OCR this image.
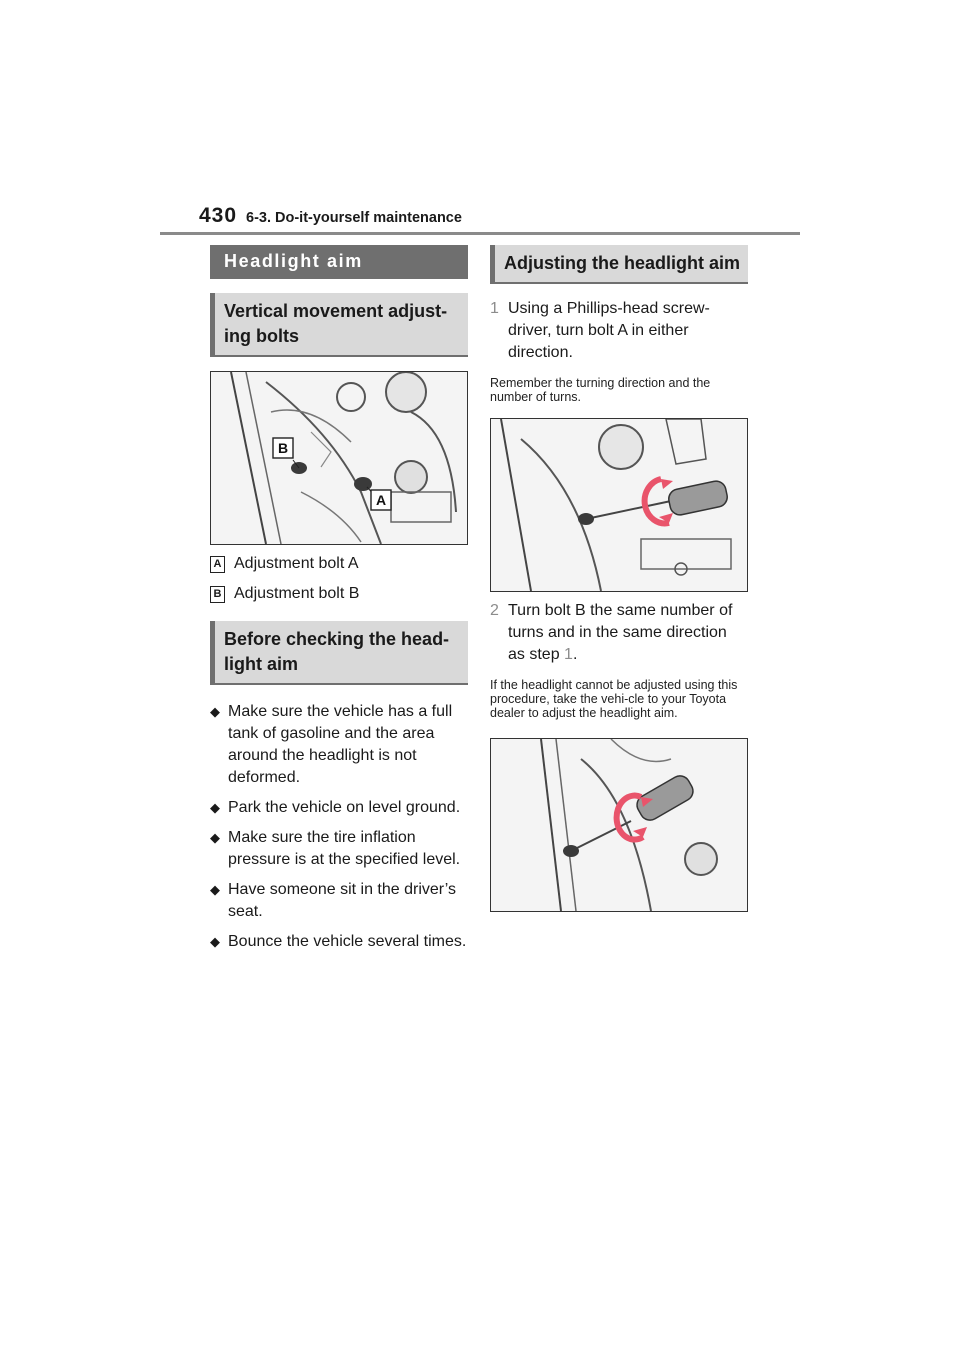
430 6-3. Do-it-yourself maintenance
Headlight aim
Vertical movement adjust-ing bolts
B
A
A Adjustment bolt A
B Adjustment bolt B
Before checking the head-light aim
◆ Make sure the vehicle has a full tank of gasoline and the area around the headlight is not deformed.
◆ Park the vehicle on level ground.
◆ Make sure the tire inflation pressure is at the specified level.
◆ Have someone sit in the driver’s seat.
◆ Bounce the vehicle several times.
Adjusting the headlight aim
1 Using a Phillips-head screw-driver, turn bolt A in either direction.
Remember the turning direction and the number of turns.
2 Turn bolt B the same number of turns and in the same direction as step 1.
If the headlight cannot be adjusted using this procedure, take the vehi-cle to your Toyota dealer to adjust the headlight aim.
